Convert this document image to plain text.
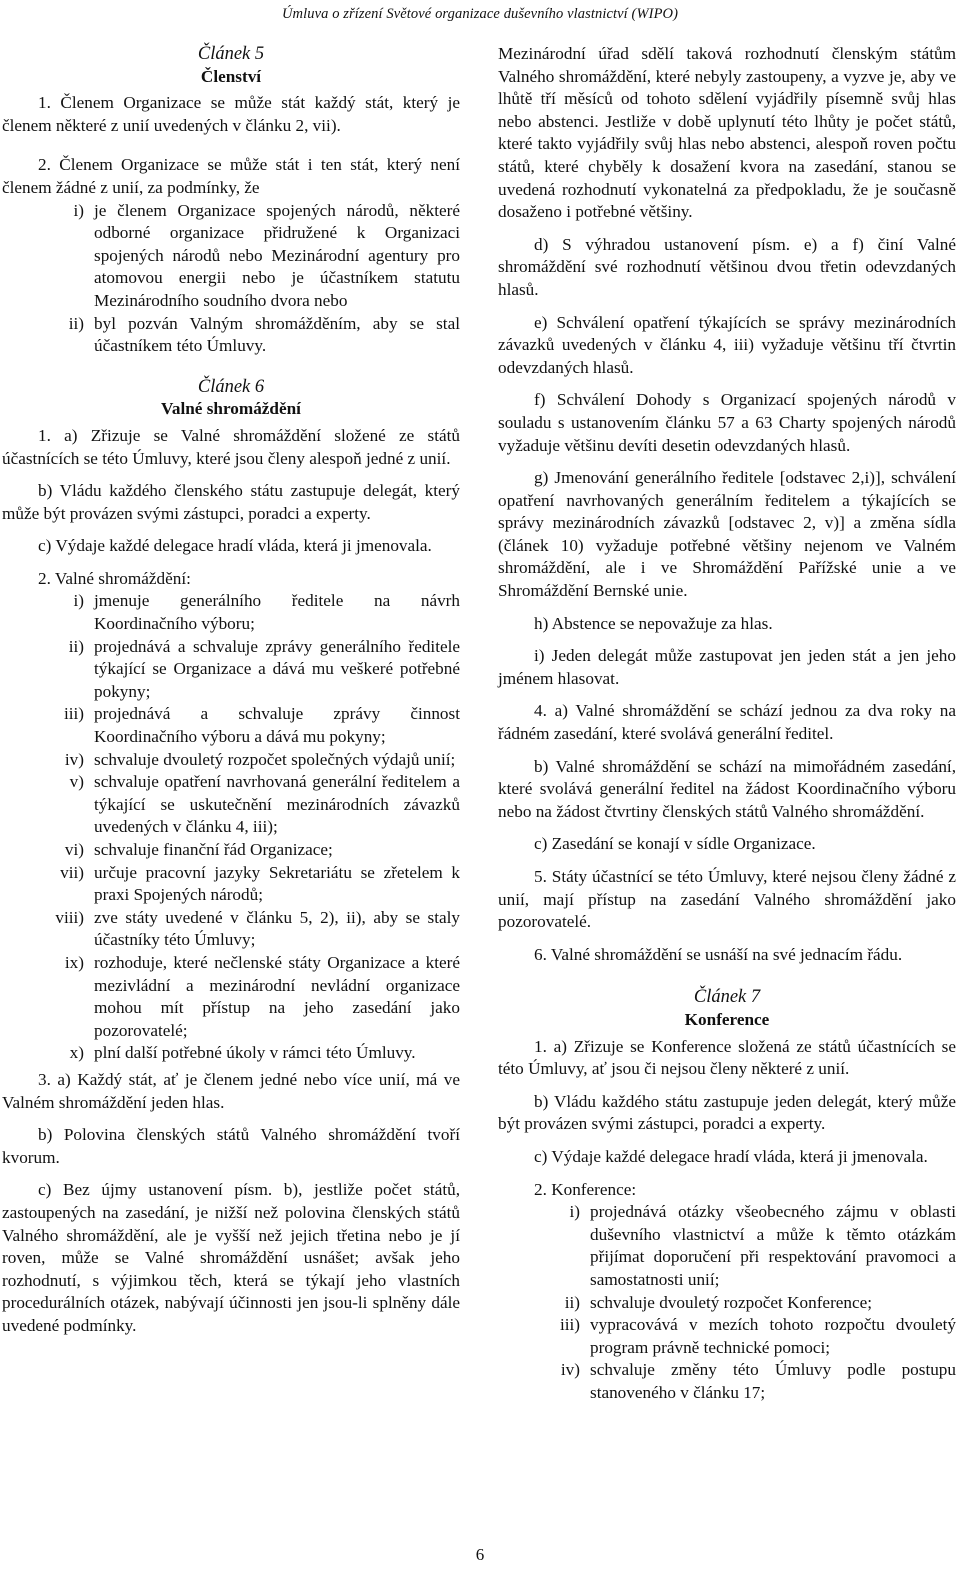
Úmluva o zřízení Světové organizace duševního vlastnictví (WIPO)

Článek 5

Členství

1. Členem Organizace se může stát každý stát, který je členem některé z unií uvedených v článku 2, vii).

2. Členem Organizace se může stát i ten stát, který není členem žádné z unií, za podmínky, že

i) je členem Organizace spojených národů, některé odborné organizace přidružené k Organizaci spojených národů nebo Mezinárodní agentury pro atomovou energii nebo je účastníkem statutu Mezinárodního soudního dvora nebo
ii) byl pozván Valným shromážděním, aby se stal účastníkem této Úmluvy.

Článek 6

Valné shromáždění

1. a) Zřizuje se Valné shromáždění složené ze států účastnících se této Úmluvy, které jsou členy alespoň jedné z unií.

b) Vládu každého členského státu zastupuje delegát, který může být provázen svými zástupci, poradci a experty.

c) Výdaje každé delegace hradí vláda, která ji jmenovala.

2. Valné shromáždění:

i) jmenuje generálního ředitele na návrh Koordinačního výboru;
ii) projednává a schvaluje zprávy generálního ředitele týkající se Organizace a dává mu veškeré potřebné pokyny;
iii) projednává a schvaluje zprávy činnost Koordinačního výboru a dává mu pokyny;
iv) schvaluje dvouletý rozpočet společných výdajů unií;
v) schvaluje opatření navrhovaná generální ředitelem a týkající se uskutečnění mezinárodních závazků uvedených v článku 4, iii);
vi) schvaluje finanční řád Organizace;
vii) určuje pracovní jazyky Sekretariátu se zřetelem k praxi Spojených národů;
viii) zve státy uvedené v článku 5, 2), ii), aby se staly účastníky této Úmluvy;
ix) rozhoduje, které nečlenské státy Organizace a které mezivládní a mezinárodní nevládní organizace mohou mít přístup na jeho zasedání jako pozorovatelé;
x) plní další potřebné úkoly v rámci této Úmluvy.

3. a) Každý stát, ať je členem jedné nebo více unií, má ve Valném shromáždění jeden hlas.

b) Polovina členských států Valného shromáždění tvoří kvorum.

c) Bez újmy ustanovení písm. b), jestliže počet států, zastoupených na zasedání, je nižší než polovina členských států Valného shromáždění, ale je vyšší než jejich třetina nebo je jí roven, může se Valné shromáždění usnášet; avšak jeho rozhodnutí, s výjimkou těch, která se týkají jeho vlastních procedurálních otázek, nabývají účinnosti jen jsou-li splněny dále uvedené podmínky.

Mezinárodní úřad sdělí taková rozhodnutí členským státům Valného shromáždění, které nebyly zastoupeny, a vyzve je, aby ve lhůtě tří měsíců od tohoto sdělení vyjádřily písemně svůj hlas nebo abstenci. Jestliže v době uplynutí této lhůty je počet států, které takto vyjádřily svůj hlas nebo abstenci, alespoň roven počtu států, které chyběly k dosažení kvora na zasedání, stanou se uvedená rozhodnutí vykonatelná za předpokladu, že je současně dosaženo i potřebné většiny.

d) S výhradou ustanovení písm. e) a f) činí Valné shromáždění své rozhodnutí většinou dvou třetin odevzdaných hlasů.

e) Schválení opatření týkajících se správy mezinárodních závazků uvedených v článku 4, iii) vyžaduje většinu tří čtvrtin odevzdaných hlasů.

f) Schválení Dohody s Organizací spojených národů v souladu s ustanovením článku 57 a 63 Charty spojených národů vyžaduje většinu devíti desetin odevzdaných hlasů.

g) Jmenování generálního ředitele [odstavec 2,i)], schválení opatření navrhovaných generálním ředitelem a týkajících se správy mezinárodních závazků [odstavec 2, v)] a změna sídla (článek 10) vyžaduje potřebné většiny nejenom ve Valném shromáždění, ale i ve Shromáždění Pařížské unie a ve Shromáždění Bernské unie.

h) Abstence se nepovažuje za hlas.

i) Jeden delegát může zastupovat jen jeden stát a jen jeho jménem hlasovat.

4. a) Valné shromáždění se schází jednou za dva roky na řádném zasedání, které svolává generální ředitel.

b) Valné shromáždění se schází na mimořádném zasedání, které svolává generální ředitel na žádost Koordinačního výboru nebo na žádost čtvrtiny členských států Valného shromáždění.

c) Zasedání se konají v sídle Organizace.

5. Státy účastnící se této Úmluvy, které nejsou členy žádné z unií, mají přístup na zasedání Valného shromáždění jako pozorovatelé.

6. Valné shromáždění se usnáší na své jednacím řádu.

Článek 7

Konference

1. a) Zřizuje se Konference složená ze států účastnících se této Úmluvy, ať jsou či nejsou členy některé z unií.

b) Vládu každého státu zastupuje jeden delegát, který může být provázen svými zástupci, poradci a experty.

c) Výdaje každé delegace hradí vláda, která ji jmenovala.

2. Konference:

i) projednává otázky všeobecného zájmu v oblasti duševního vlastnictví a může k těmto otázkám přijímat doporučení při respektování pravomoci a samostatnosti unií;
ii) schvaluje dvouletý rozpočet Konference;
iii) vypracovává v mezích tohoto rozpočtu dvouletý program právně technické pomoci;
iv) schvaluje změny této Úmluvy podle postupu stanoveného v článku 17;
6
